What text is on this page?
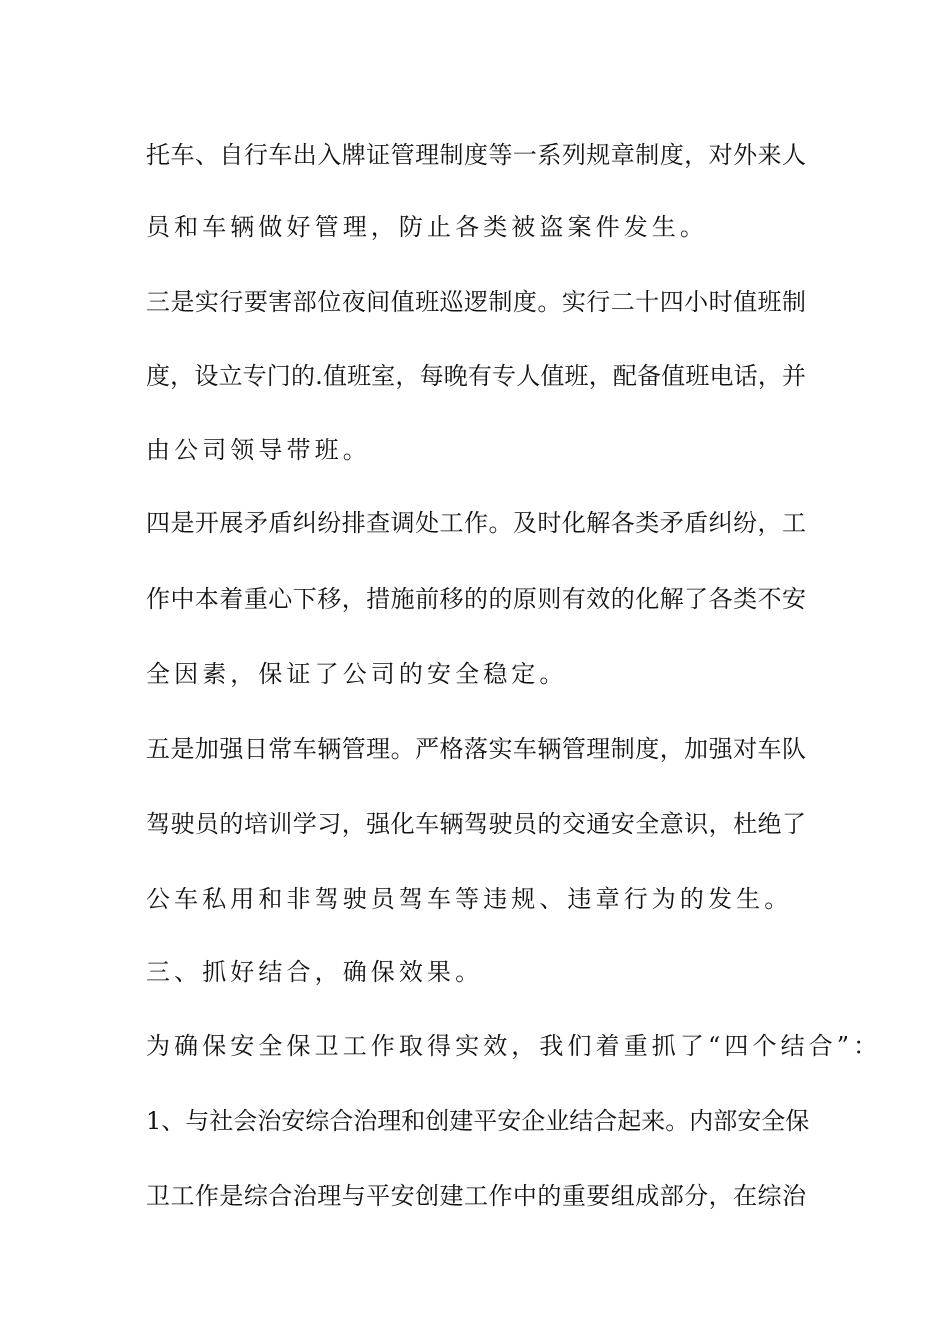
托车、自行车出入牌证管理制度等一系列规章制度，对外来人

员和车辆做好管理，防止各类被盗案件发生。

三是实行要害部位夜间值班巡逻制度。实行二十四小时值班制

度，设立专门的.值班室，每晚有专人值班，配备值班电话，并

由公司领导带班。

四是开展矛盾纠纷排查调处工作。及时化解各类矛盾纠纷，工

作中本着重心下移，措施前移的的原则有效的化解了各类不安

全因素，保证了公司的安全稳定。

五是加强日常车辆管理。严格落实车辆管理制度，加强对车队

驾驶员的培训学习，强化车辆驾驶员的交通安全意识，杜绝了

公车私用和非驾驶员驾车等违规、违章行为的发生。

三、抓好结合，确保效果。

为确保安全保卫工作取得实效，我们着重抓了“四个结合”：

1、与社会治安综合治理和创建平安企业结合起来。内部安全保

卫工作是综合治理与平安创建工作中的重要组成部分，在综治
